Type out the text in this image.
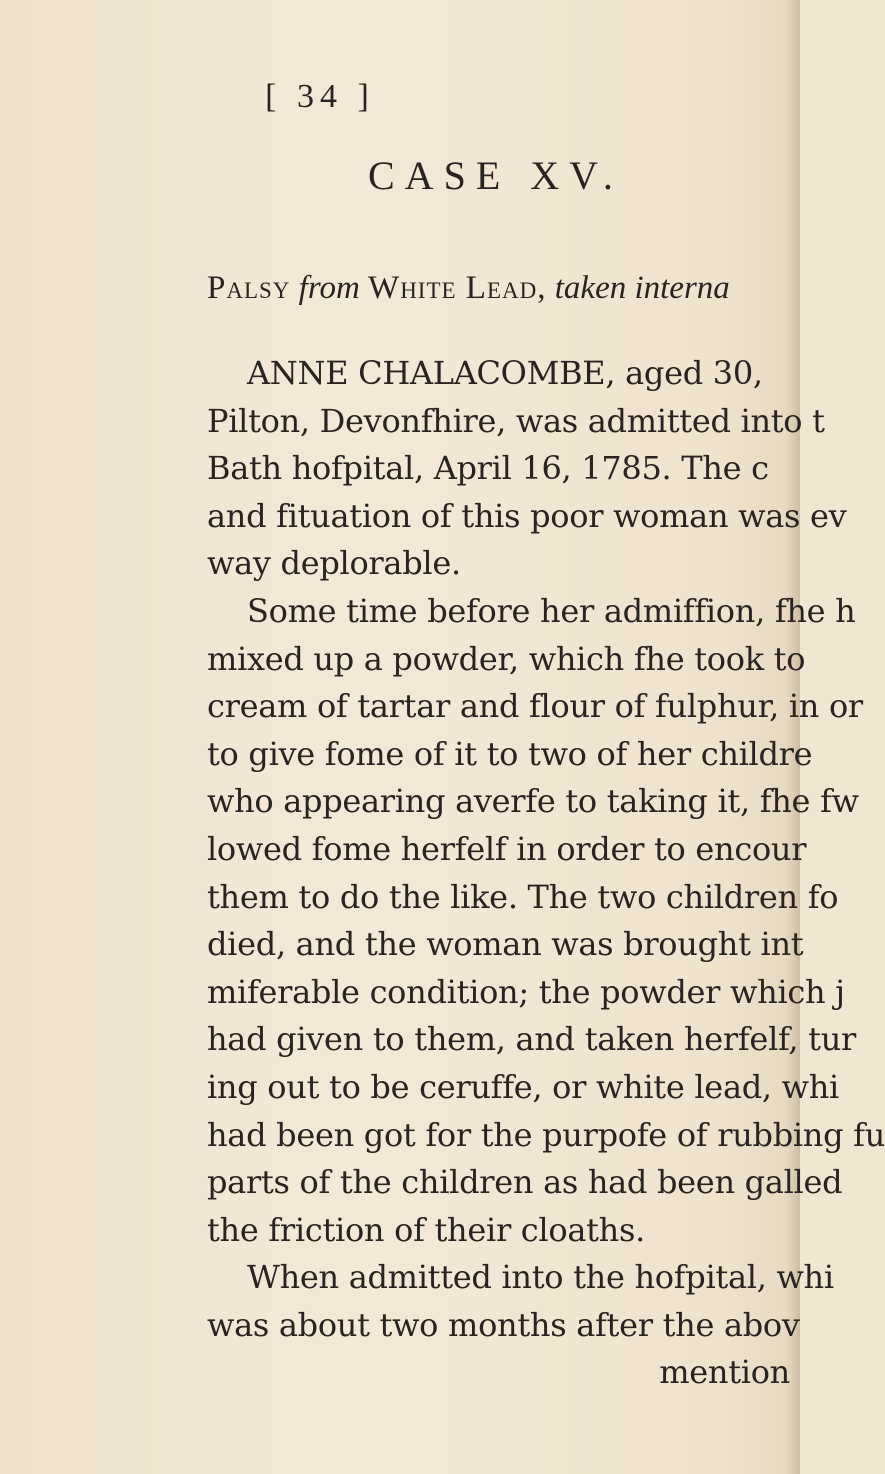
[ 34 ]
CASE XV.
Palsy from White Lead, taken interna
ANNE CHALACOMBE, aged 30,
Pilton, Devonfhire, was admitted into t
Bath hofpital, April 16, 1785. The c
and fituation of this poor woman was ev
way deplorable.
Some time before her admiffion, fhe h
mixed up a powder, which fhe took to
cream of tartar and flour of fulphur, in or
to give fome of it to two of her childre
who appearing averfe to taking it, fhe fw
lowed fome herfelf in order to encour
them to do the like. The two children fo
died, and the woman was brought int
miferable condition; the powder which j
had given to them, and taken herfelf, tur
ing out to be ceruffe, or white lead, whi
had been got for the purpofe of rubbing fu
parts of the children as had been galled
the friction of their cloaths.
When admitted into the hofpital, whi
was about two months after the abov
mention
